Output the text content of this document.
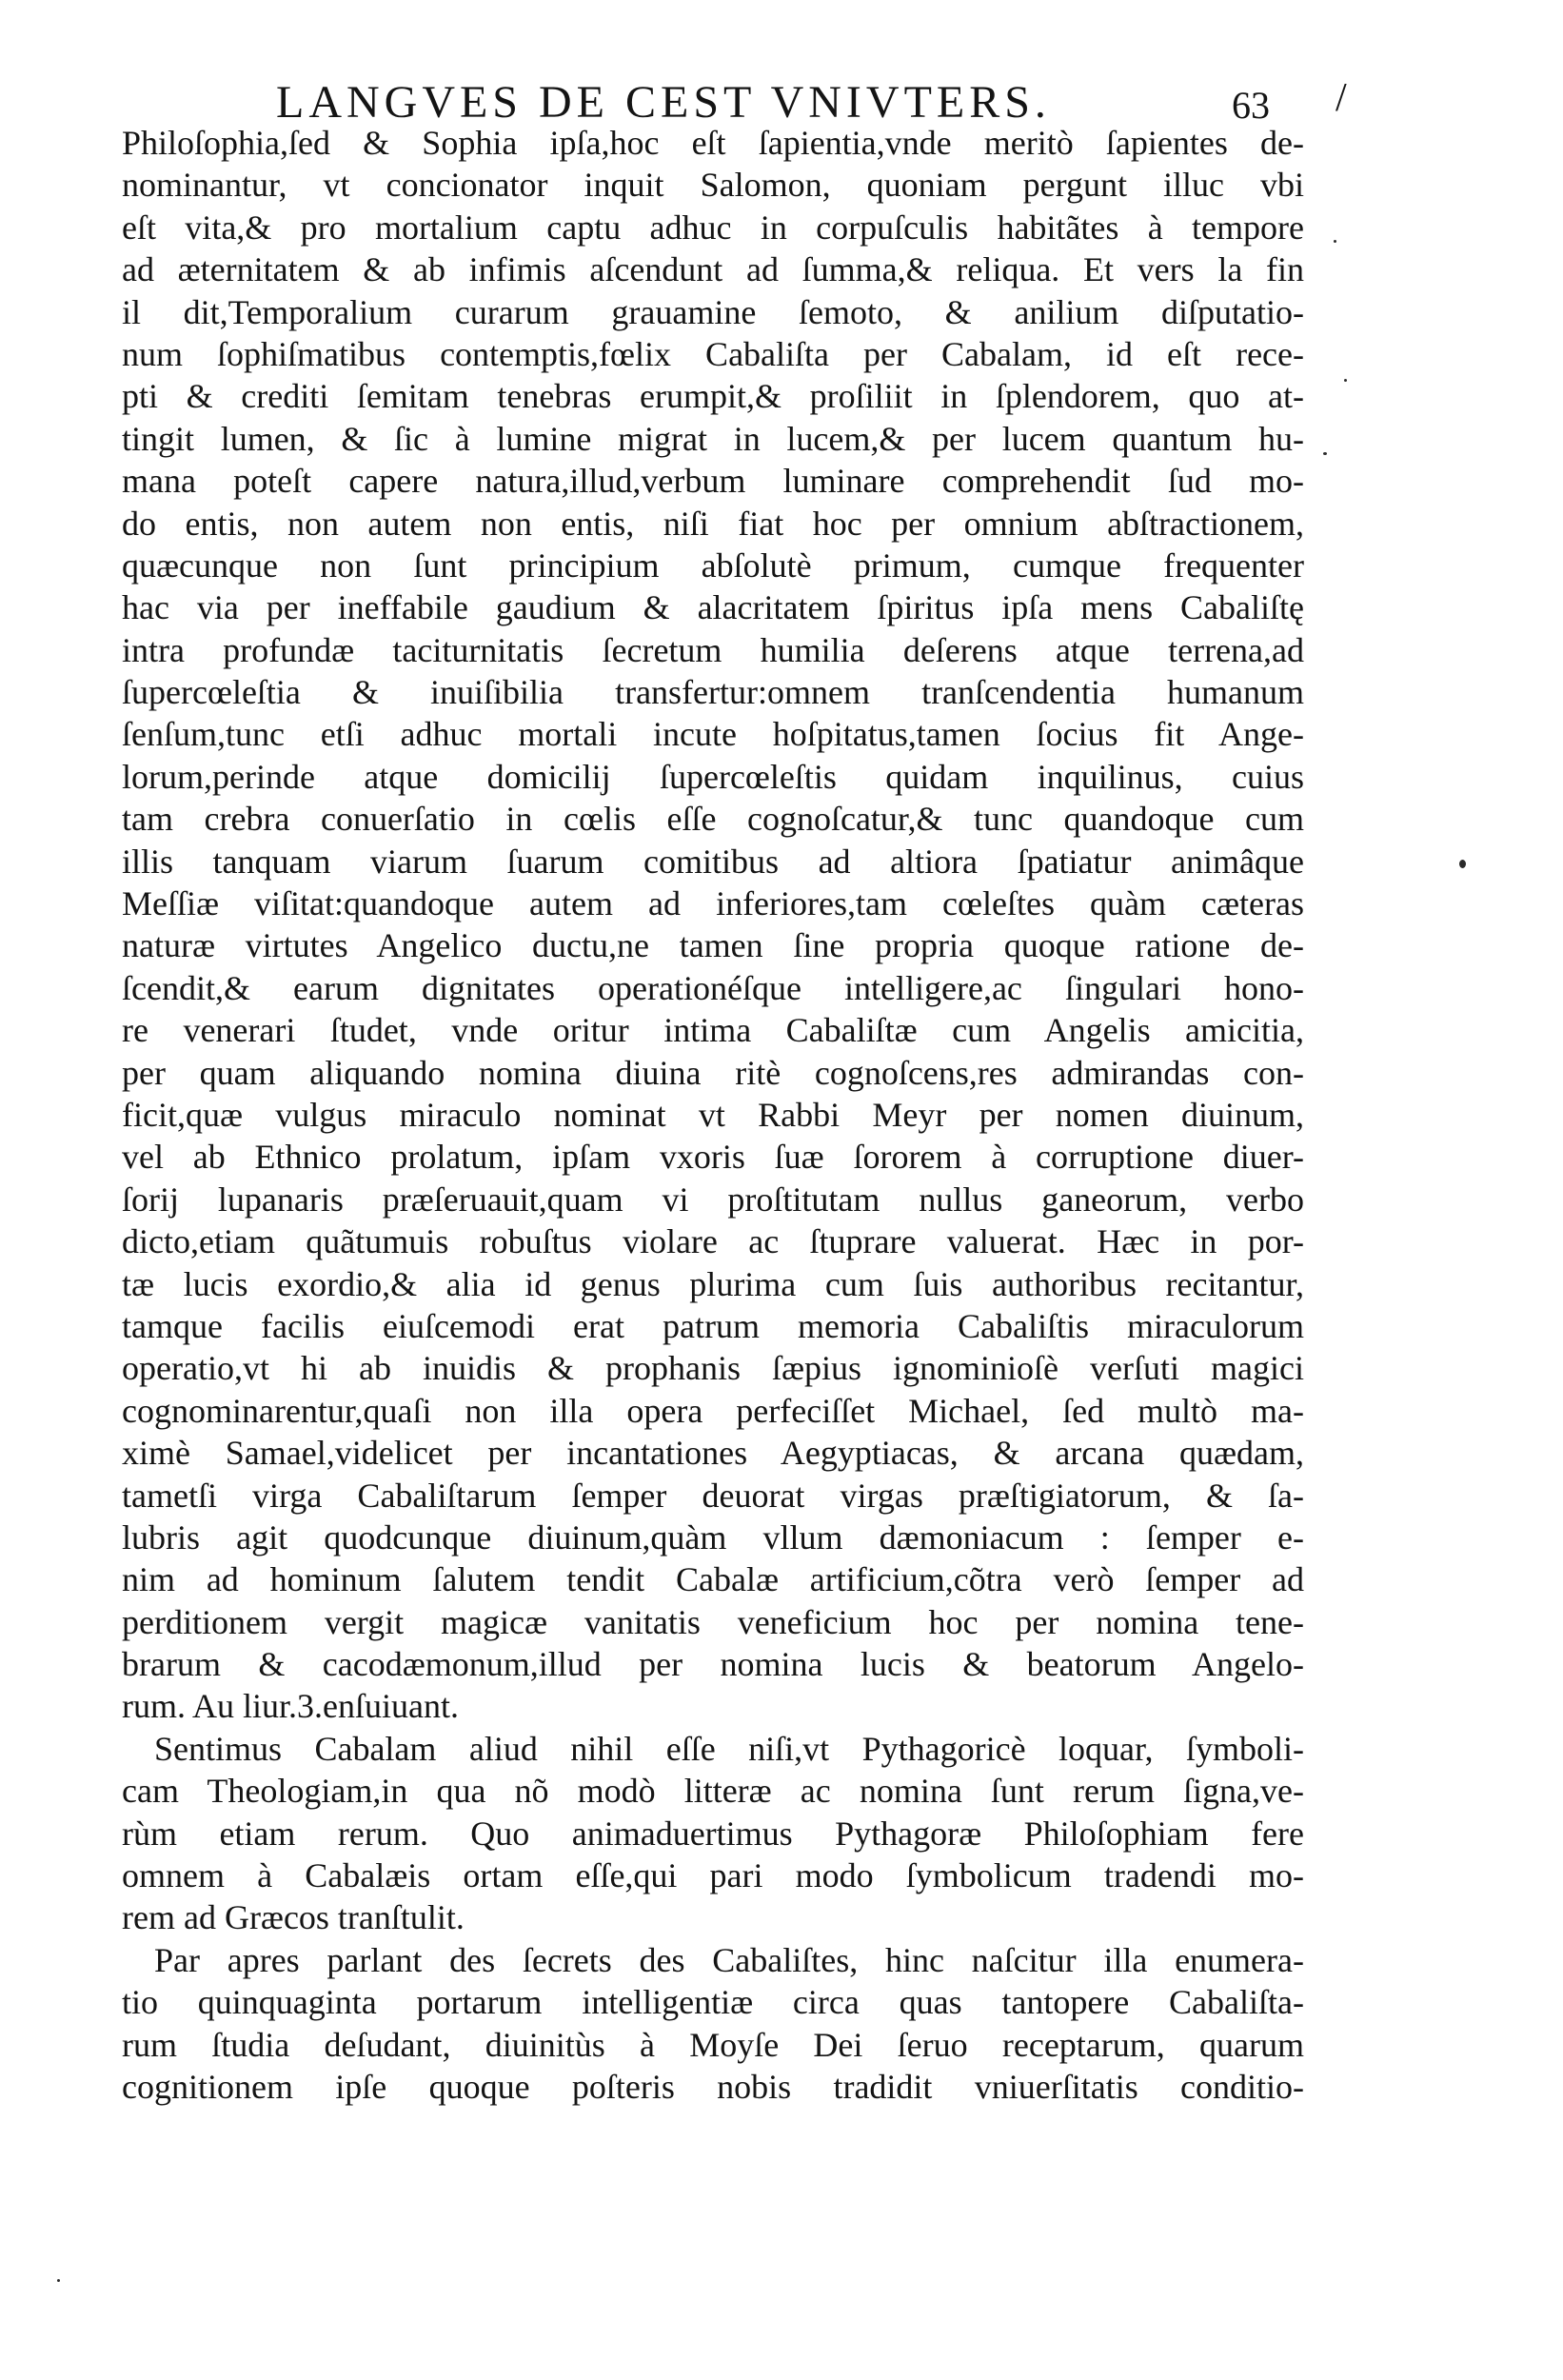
LANGVES DE CEST VNIVTERS.	63 /
Philoſophia,ſed & Sophia ipſa,hoc eſt ſapientia,vnde meritò ſapientes de-
nominantur, vt concionator inquit Salomon, quoniam pergunt illuc vbi
eſt vita,& pro mortalium captu adhuc in corpuſculis habitãtes à tempore
ad æternitatem & ab infimis aſcendunt ad ſumma,& reliqua. Et vers la fin
il dit,Temporalium curarum grauamine ſemoto, & anilium diſputatio-
num ſophiſmatibus contemptis,fœlix Cabaliſta per Cabalam, id eſt rece-
pti & crediti ſemitam tenebras erumpit,& proſiliit in ſplendorem, quo at-
tingit lumen, & ſic à lumine migrat in lucem,& per lucem quantum hu-
mana poteſt capere natura,illud,verbum luminare comprehendit ſud mo-
do entis, non autem non entis, niſi fiat hoc per omnium abſtractionem,
quæcunque non ſunt principium abſolutè primum, cumque frequenter
hac via per ineffabile gaudium & alacritatem ſpiritus ipſa mens Cabaliſtę
intra profundæ taciturnitatis ſecretum humilia deſerens atque terrena,ad
ſupercœleſtia & inuiſibilia transfertur:omnem tranſcendentia humanum
ſenſum,tunc etſi adhuc mortali incute hoſpitatus,tamen ſocius fit Ange-
lorum,perinde atque domicilij ſupercœleſtis quidam inquilinus, cuius
tam crebra conuerſatio in cœlis eſſe cognoſcatur,& tunc quandoque cum
illis tanquam viarum ſuarum comitibus ad altiora ſpatiatur animâque
Meſſiæ viſitat:quandoque autem ad inferiores,tam cœleſtes quàm cæteras
naturæ virtutes Angelico ductu,ne tamen ſine propria quoque ratione de-
ſcendit,& earum dignitates operationéſque intelligere,ac ſingulari hono-
re venerari ſtudet, vnde oritur intima Cabaliſtæ cum Angelis amicitia,
per quam aliquando nomina diuina ritè cognoſcens,res admirandas con-
ficit,quæ vulgus miraculo nominat vt Rabbi Meyr per nomen diuinum,
vel ab Ethnico prolatum, ipſam vxoris ſuæ ſororem à corruptione diuer-
ſorij lupanaris præſeruauit,quam vi proſtitutam nullus ganeorum, verbo
dicto,etiam quãtumuis robuſtus violare ac ſtuprare valuerat. Hæc in por-
tæ lucis exordio,& alia id genus plurima cum ſuis authoribus recitantur,
tamque facilis eiuſcemodi erat patrum memoria Cabaliſtis miraculorum
operatio,vt hi ab inuidis & prophanis ſæpius ignominioſè verſuti magici
cognominarentur,quaſi non illa opera perfeciſſet Michael, ſed multò ma-
ximè Samael,videlicet per incantationes Aegyptiacas, & arcana quædam,
tametſi virga Cabaliſtarum ſemper deuorat virgas præſtigiatorum, & ſa-
lubris agit quodcunque diuinum,quàm vllum dæmoniacum : ſemper e-
nim ad hominum ſalutem tendit Cabalæ artificium,cõtra verò ſemper ad
perditionem vergit magicæ vanitatis veneficium hoc per nomina tene-
brarum & cacodæmonum,illud per nomina lucis & beatorum Angelo-
rum. Au liur.3.enſuiuant.
Sentimus Cabalam aliud nihil eſſe niſi,vt Pythagoricè loquar, ſymboli-
cam Theologiam,in qua nõ modò litteræ ac nomina ſunt rerum ſigna,ve-
rùm etiam rerum. Quo animaduertimus Pythagoræ Philoſophiam fere
omnem à Cabalæis ortam eſſe,qui pari modo ſymbolicum tradendi mo-
rem ad Græcos tranſtulit.
Par apres parlant des ſecrets des Cabaliſtes, hinc naſcitur illa enumera-
tio quinquaginta portarum intelligentiæ circa quas tantopere Cabaliſta-
rum ſtudia deſudant, diuinitùs à Moyſe Dei ſeruo receptarum, quarum
cognitionem ipſe quoque poſteris nobis tradidit vniuerſitatis conditio-
